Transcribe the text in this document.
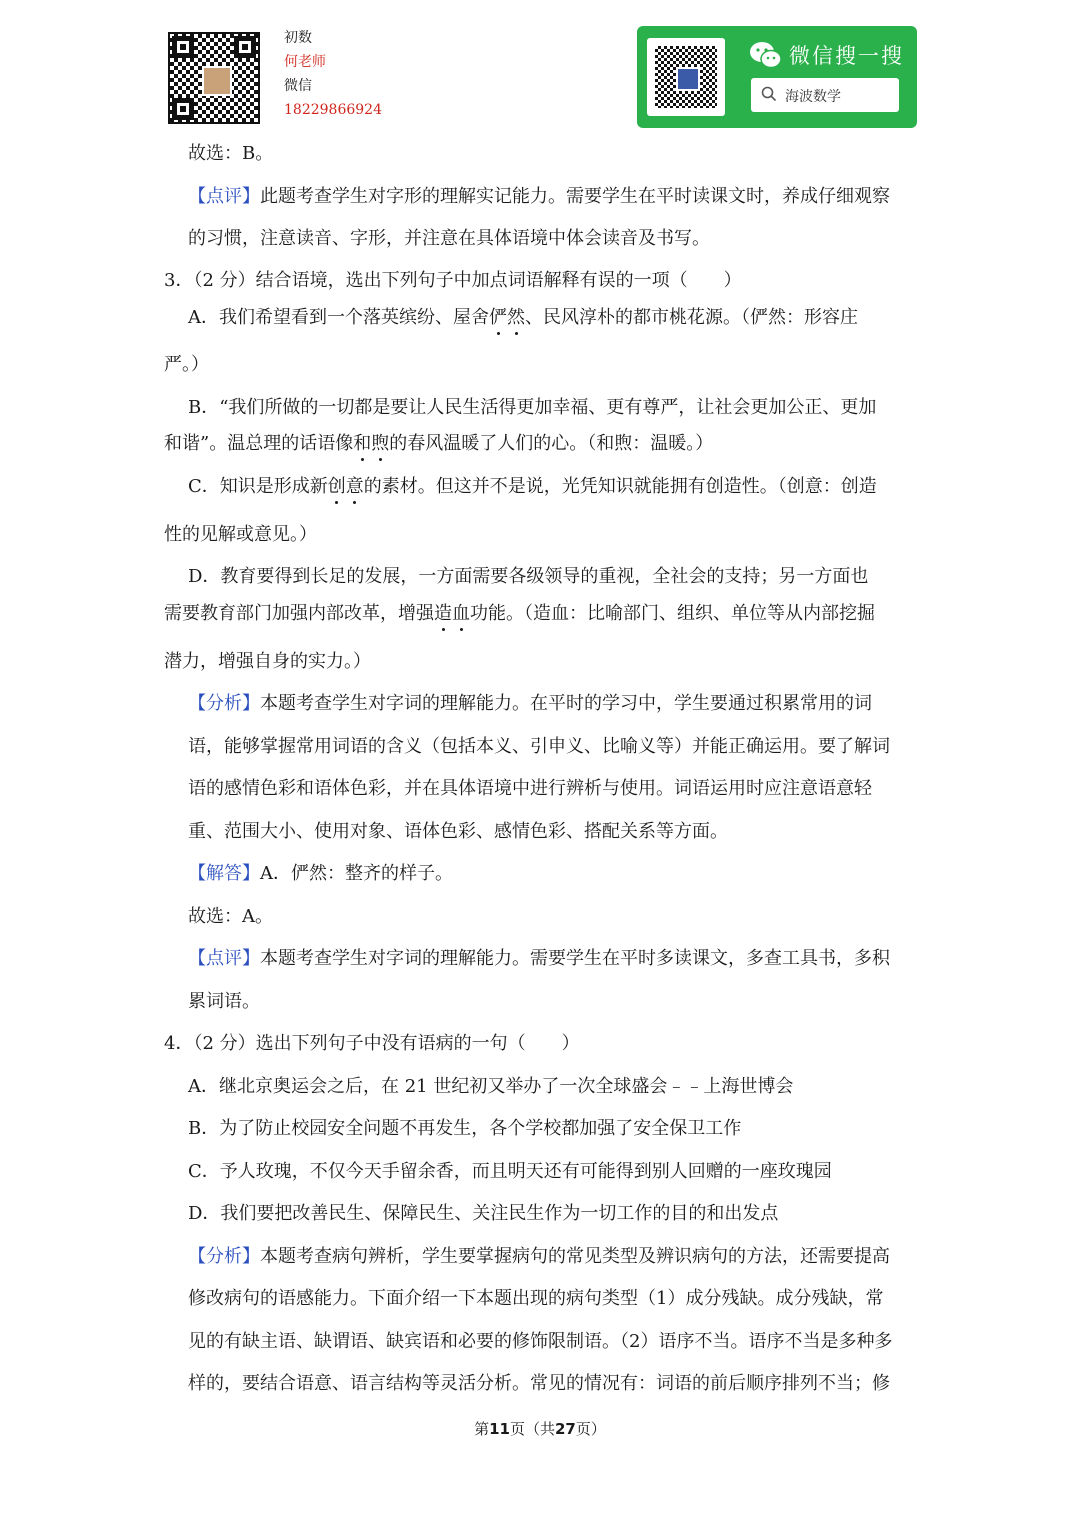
初数
何老师
微信
18229866924
微信搜一搜
海波数学
故选：B。
【点评】此题考查学生对字形的理解实记能力。需要学生在平时读课文时，养成仔细观察
的习惯，注意读音、字形，并注意在具体语境中体会读音及书写。
3．（2 分）结合语境，选出下列句子中加点词语解释有误的一项（　　）
A．我们希望看到一个落英缤纷、屋舍俨然、民风淳朴的都市桃花源。（俨然：形容庄
严。）
B．“我们所做的一切都是要让人民生活得更加幸福、更有尊严，让社会更加公正、更加
和谐”。温总理的话语像和煦的春风温暖了人们的心。（和煦：温暖。）
C．知识是形成新创意的素材。但这并不是说，光凭知识就能拥有创造性。（创意：创造
性的见解或意见。）
D．教育要得到长足的发展，一方面需要各级领导的重视，全社会的支持；另一方面也
需要教育部门加强内部改革，增强造血功能。（造血：比喻部门、组织、单位等从内部挖掘
潜力，增强自身的实力。）
【分析】本题考查学生对字词的理解能力。在平时的学习中，学生要通过积累常用的词
语，能够掌握常用词语的含义（包括本义、引申义、比喻义等）并能正确运用。要了解词
语的感情色彩和语体色彩，并在具体语境中进行辨析与使用。词语运用时应注意语意轻
重、范围大小、使用对象、语体色彩、感情色彩、搭配关系等方面。
【解答】A．俨然：整齐的样子。
故选：A。
【点评】本题考查学生对字词的理解能力。需要学生在平时多读课文，多查工具书，多积
累词语。
4．（2 分）选出下列句子中没有语病的一句（　　）
A．继北京奥运会之后，在 21 世纪初又举办了一次全球盛会﹣﹣上海世博会
B．为了防止校园安全问题不再发生，各个学校都加强了安全保卫工作
C．予人玫瑰，不仅今天手留余香，而且明天还有可能得到别人回赠的一座玫瑰园
D．我们要把改善民生、保障民生、关注民生作为一切工作的目的和出发点
【分析】本题考查病句辨析，学生要掌握病句的常见类型及辨识病句的方法，还需要提高
修改病句的语感能力。下面介绍一下本题出现的病句类型（1）成分残缺。成分残缺，常
见的有缺主语、缺谓语、缺宾语和必要的修饰限制语。（2）语序不当。语序不当是多种多
样的，要结合语意、语言结构等灵活分析。常见的情况有：词语的前后顺序排列不当；修
第11页（共27页）
